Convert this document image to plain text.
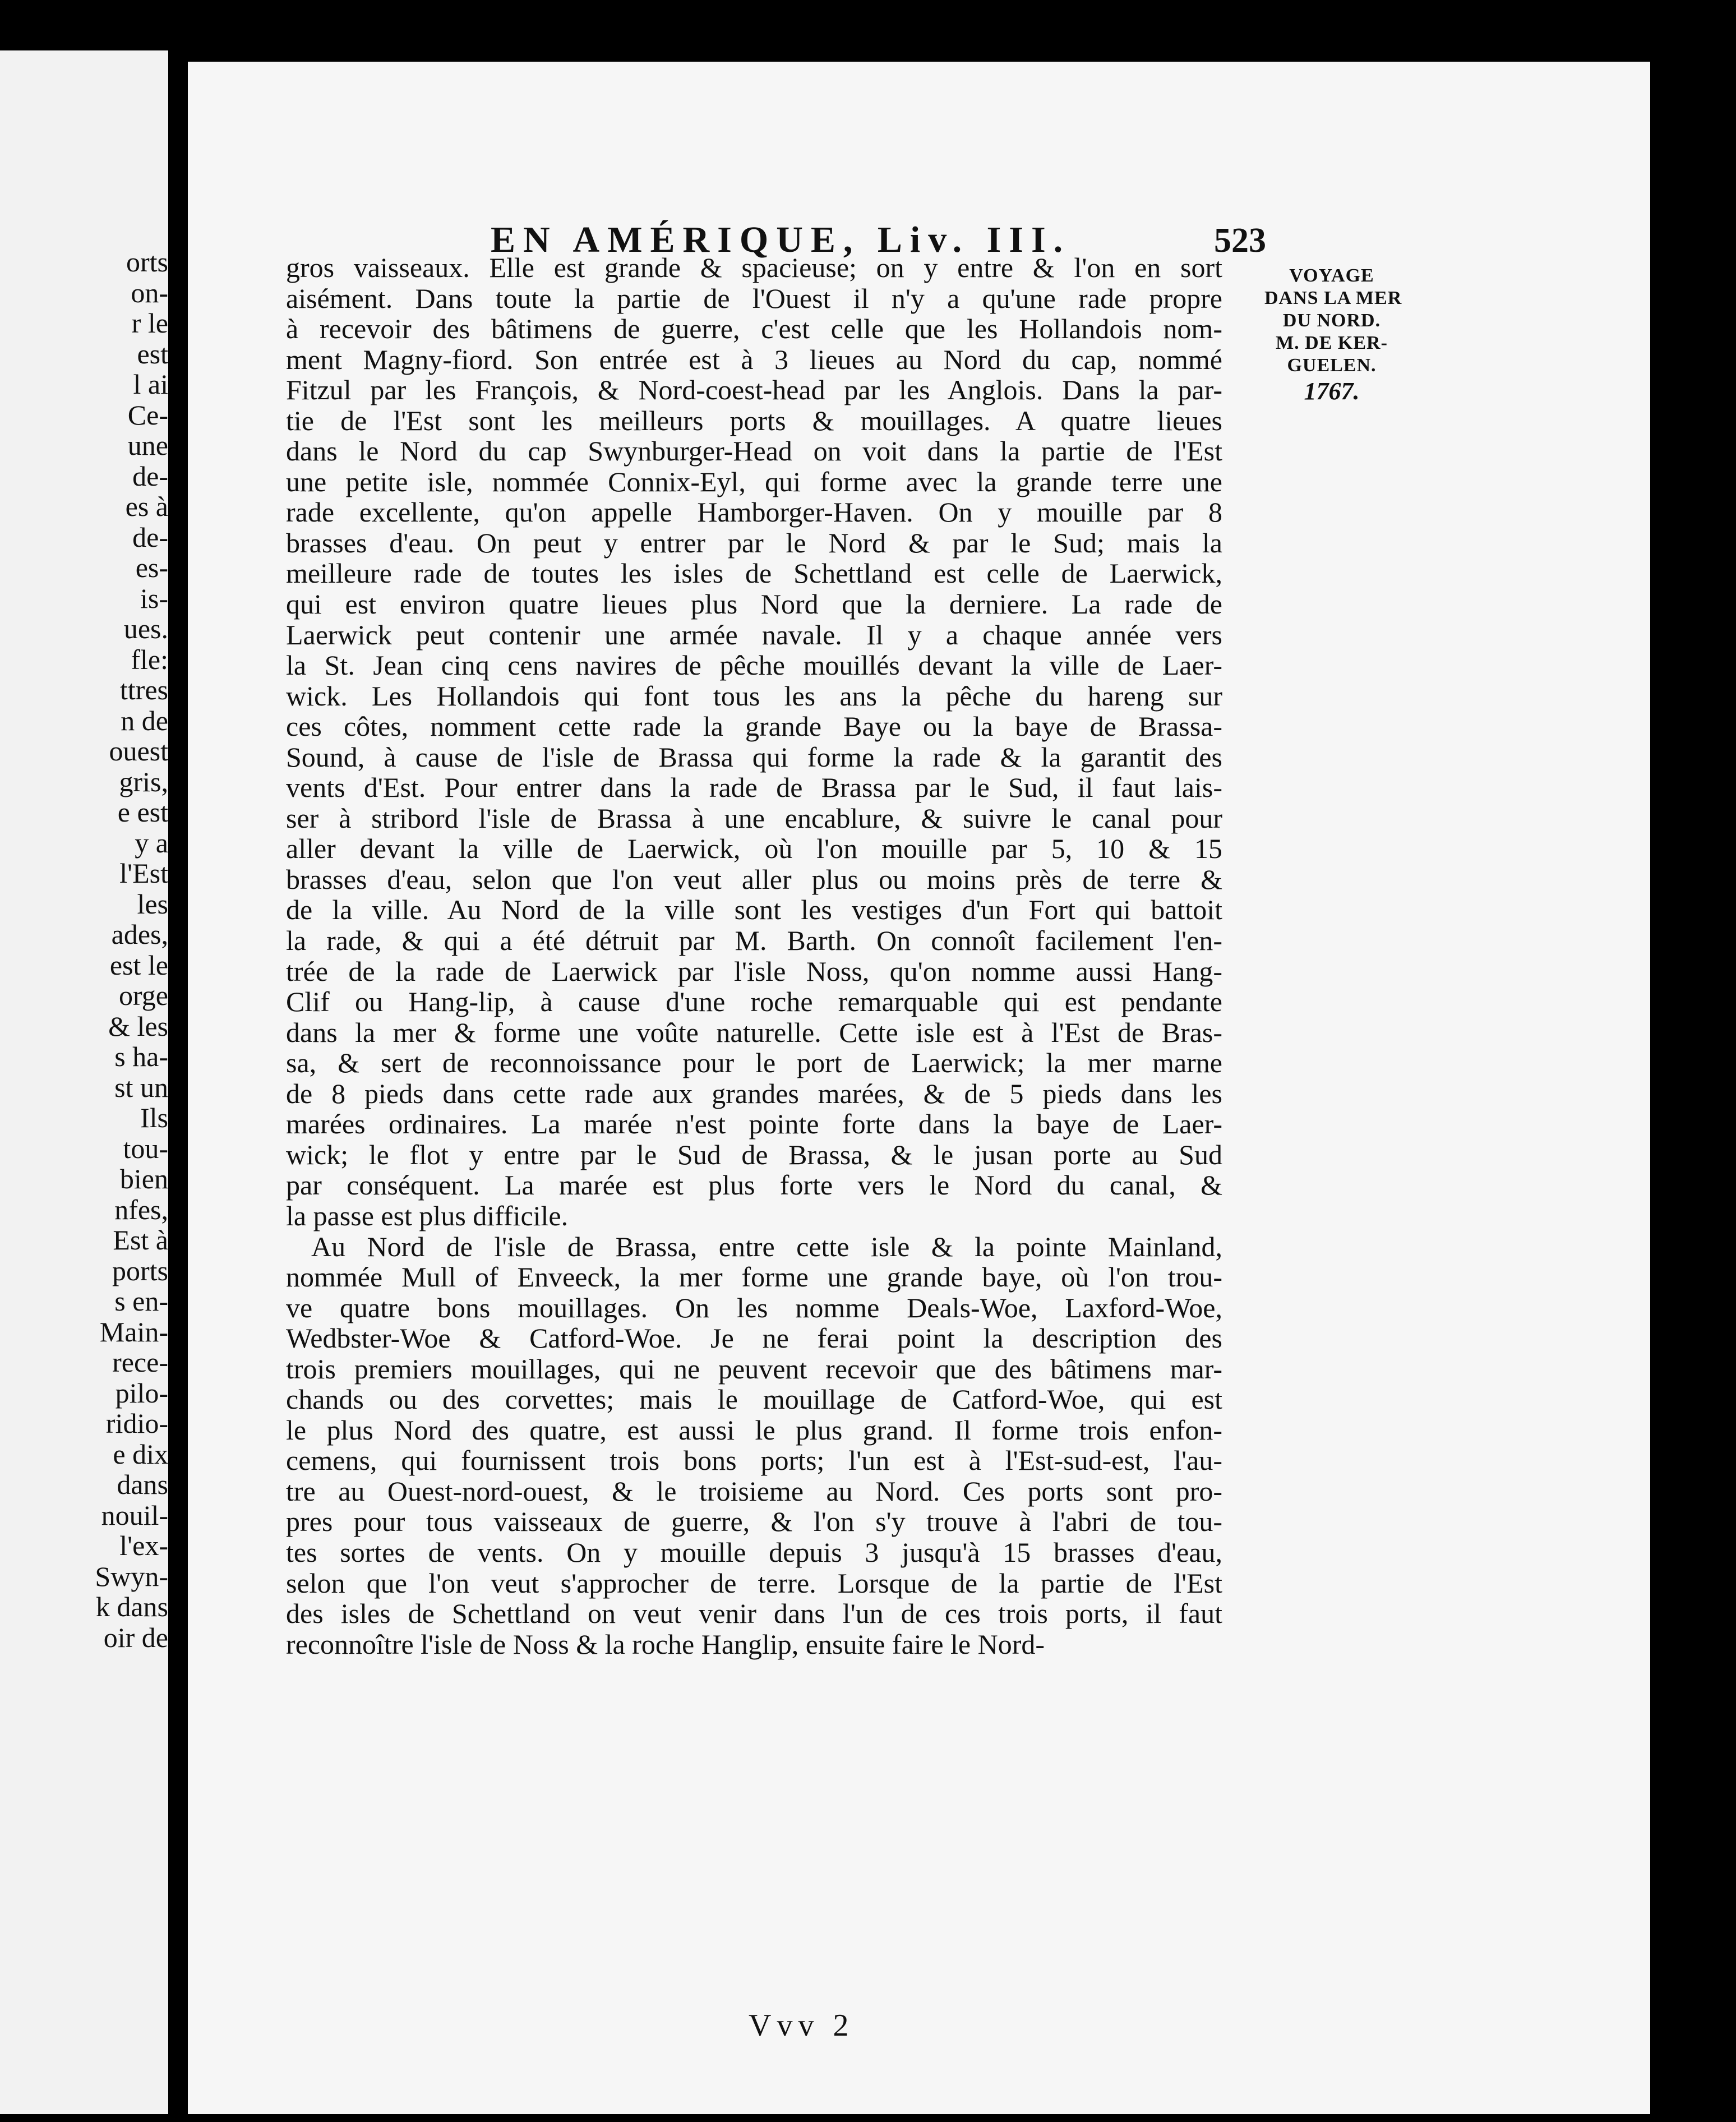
orts
on-
r le
est
l ai
Ce-
une
de-
es à
de-
es-
is-
ues.
fle:
ttres
n de
ouest
gris,
e est
y a
l'Est
les
ades,
est le
orge
& les
s ha-
st un
Ils
tou-
bien
nfes,
Est à
ports
s en-
Main-
rece-
pilo-
ridio-
e dix
dans
nouil-
l'ex-
Swyn-
k dans
oir de
EN AMÉRIQUE, Liv. III.	523
VOYAGE
DANS LA MER
DU NORD.
M. DE KER-
GUELEN.
1767.
gros vaisseaux. Elle est grande & spacieuse; on y entre & l'on en sort
aisément. Dans toute la partie de l'Ouest il n'y a qu'une rade propre
à recevoir des bâtimens de guerre, c'est celle que les Hollandois nom-
ment Magny-fiord. Son entrée est à 3 lieues au Nord du cap, nommé
Fitzul par les François, & Nord-coest-head par les Anglois. Dans la par-
tie de l'Est sont les meilleurs ports & mouillages. A quatre lieues
dans le Nord du cap Swynburger-Head on voit dans la partie de l'Est
une petite isle, nommée Connix-Eyl, qui forme avec la grande terre une
rade excellente, qu'on appelle Hamborger-Haven. On y mouille par 8
brasses d'eau. On peut y entrer par le Nord & par le Sud; mais la
meilleure rade de toutes les isles de Schettland est celle de Laerwick,
qui est environ quatre lieues plus Nord que la derniere. La rade de
Laerwick peut contenir une armée navale. Il y a chaque année vers
la St. Jean cinq cens navires de pêche mouillés devant la ville de Laer-
wick. Les Hollandois qui font tous les ans la pêche du hareng sur
ces côtes, nomment cette rade la grande Baye ou la baye de Brassa-
Sound, à cause de l'isle de Brassa qui forme la rade & la garantit des
vents d'Est. Pour entrer dans la rade de Brassa par le Sud, il faut lais-
ser à stribord l'isle de Brassa à une encablure, & suivre le canal pour
aller devant la ville de Laerwick, où l'on mouille par 5, 10 & 15
brasses d'eau, selon que l'on veut aller plus ou moins près de terre &
de la ville. Au Nord de la ville sont les vestiges d'un Fort qui battoit
la rade, & qui a été détruit par M. Barth. On connoît facilement l'en-
trée de la rade de Laerwick par l'isle Noss, qu'on nomme aussi Hang-
Clif ou Hang-lip, à cause d'une roche remarquable qui est pendante
dans la mer & forme une voûte naturelle. Cette isle est à l'Est de Bras-
sa, & sert de reconnoissance pour le port de Laerwick; la mer marne
de 8 pieds dans cette rade aux grandes marées, & de 5 pieds dans les
marées ordinaires. La marée n'est pointe forte dans la baye de Laer-
wick; le flot y entre par le Sud de Brassa, & le jusan porte au Sud
par conséquent. La marée est plus forte vers le Nord du canal, &
la passe est plus difficile.
Au Nord de l'isle de Brassa, entre cette isle & la pointe Mainland,
nommée Mull of Enveeck, la mer forme une grande baye, où l'on trou-
ve quatre bons mouillages. On les nomme Deals-Woe, Laxford-Woe,
Wedbster-Woe & Catford-Woe. Je ne ferai point la description des
trois premiers mouillages, qui ne peuvent recevoir que des bâtimens mar-
chands ou des corvettes; mais le mouillage de Catford-Woe, qui est
le plus Nord des quatre, est aussi le plus grand. Il forme trois enfon-
cemens, qui fournissent trois bons ports; l'un est à l'Est-sud-est, l'au-
tre au Ouest-nord-ouest, & le troisieme au Nord. Ces ports sont pro-
pres pour tous vaisseaux de guerre, & l'on s'y trouve à l'abri de tou-
tes sortes de vents. On y mouille depuis 3 jusqu'à 15 brasses d'eau,
selon que l'on veut s'approcher de terre. Lorsque de la partie de l'Est
des isles de Schettland on veut venir dans l'un de ces trois ports, il faut
reconnoître l'isle de Noss & la roche Hanglip, ensuite faire le Nord-
Vvv 2
